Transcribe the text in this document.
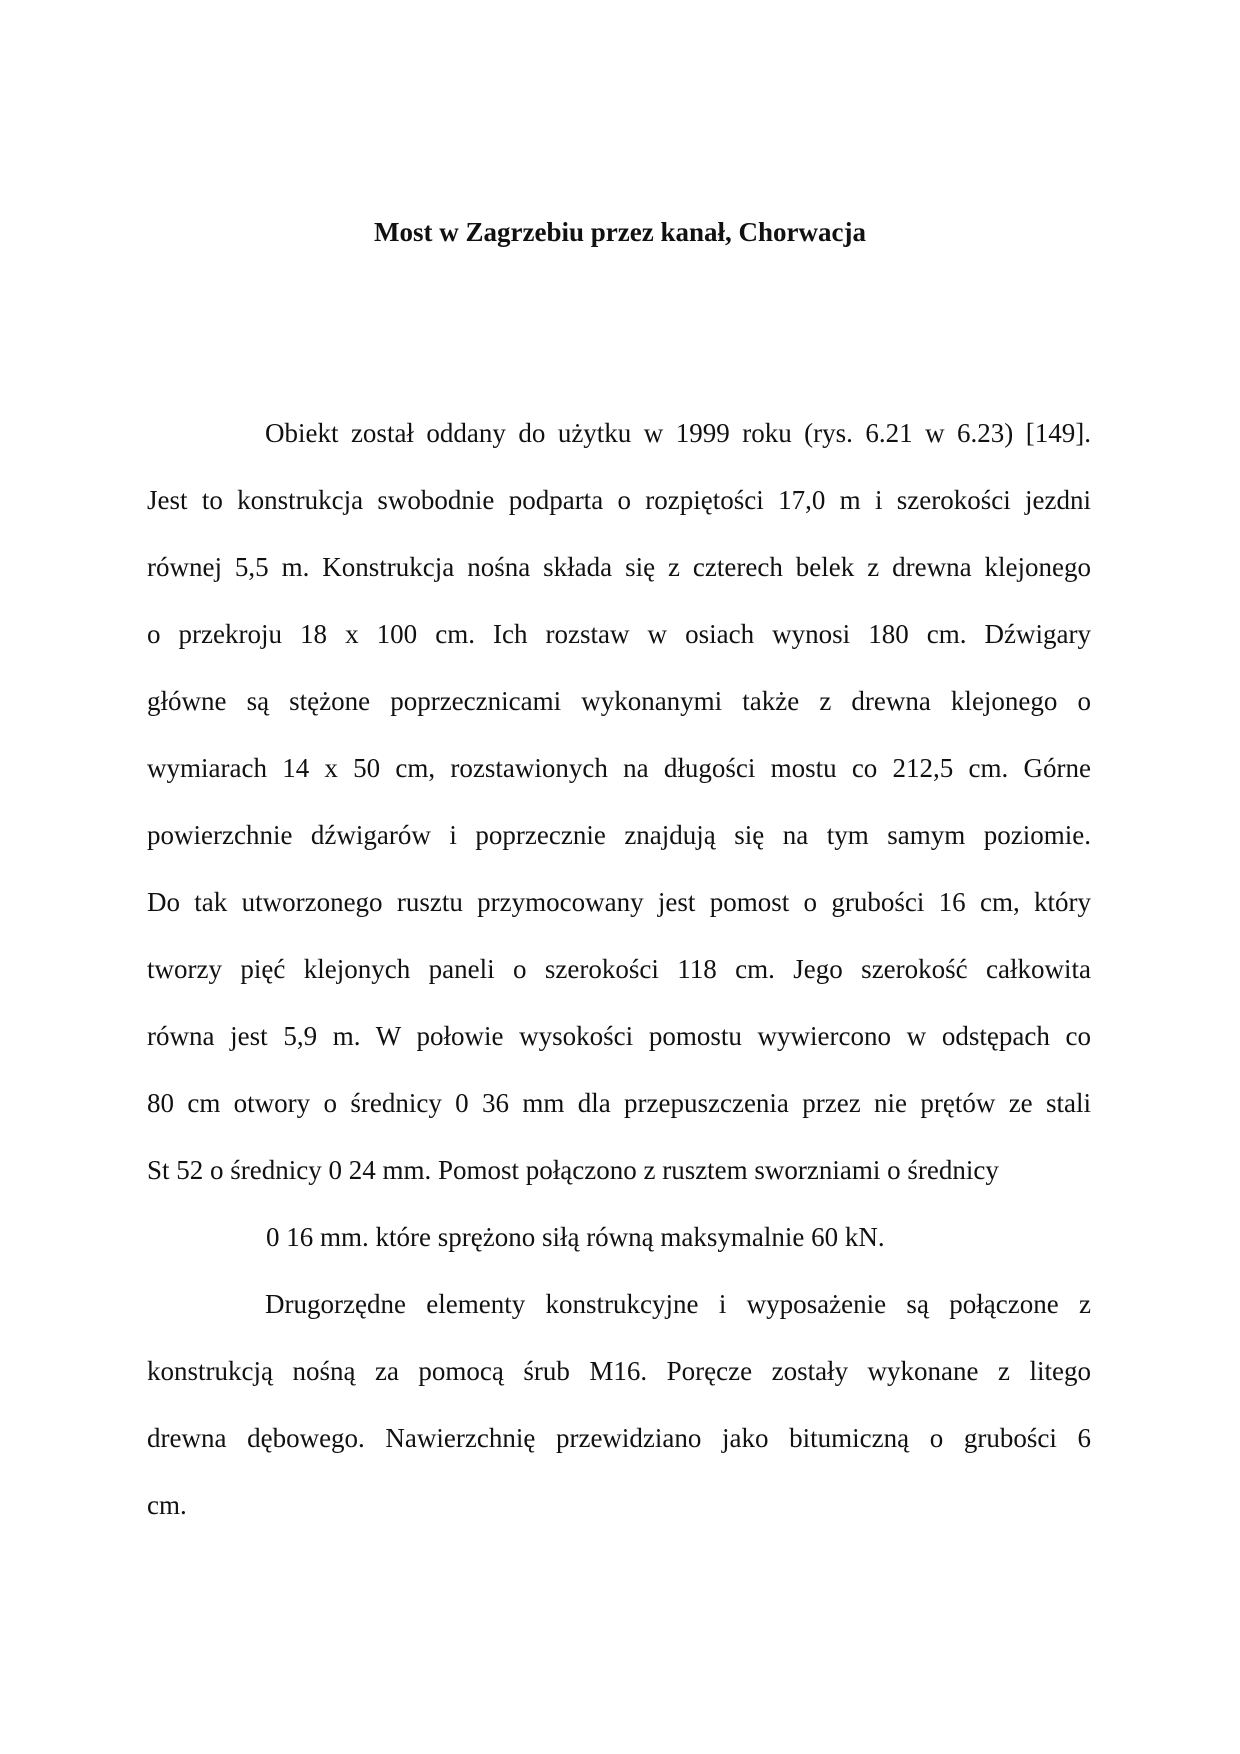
Most w Zagrzebiu przez kanał, Chorwacja
Obiekt został oddany do użytku w 1999 roku (rys. 6.21 w 6.23) [149].
Jest to konstrukcja swobodnie podparta o rozpiętości 17,0 m i szerokości jezdni
równej 5,5 m. Konstrukcja nośna składa się z czterech belek z drewna klejonego
o przekroju 18 x 100 cm. Ich rozstaw w osiach wynosi 180 cm. Dźwigary
główne są stężone poprzecznicami wykonanymi także z drewna klejonego o
wymiarach 14 x 50 cm, rozstawionych na długości mostu co 212,5 cm. Górne
powierzchnie dźwigarów i poprzecznie znajdują się na tym samym poziomie.
Do tak utworzonego rusztu przymocowany jest pomost o grubości 16 cm, który
tworzy pięć klejonych paneli o szerokości 118 cm. Jego szerokość całkowita
równa jest 5,9 m. W połowie wysokości pomostu wywiercono w odstępach co
80 cm otwory o średnicy 0 36 mm dla przepuszczenia przez nie prętów ze stali
St 52 o średnicy 0 24 mm. Pomost połączono z rusztem sworzniami o średnicy
0 16 mm. które sprężono siłą równą maksymalnie 60 kN.
Drugorzędne elementy konstrukcyjne i wyposażenie są połączone z
konstrukcją nośną za pomocą śrub M16. Poręcze zostały wykonane z litego
drewna dębowego. Nawierzchnię przewidziano jako bitumiczną o grubości 6
cm.
